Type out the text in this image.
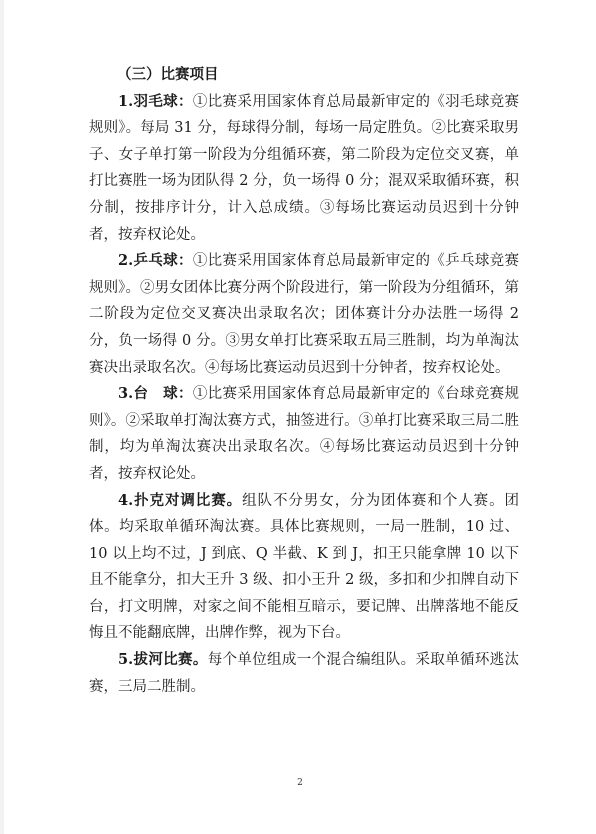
（三）比赛项目

1.羽毛球：①比赛采用国家体育总局最新审定的《羽毛球竞赛规则》。每局 31 分，每球得分制，每场一局定胜负。②比赛采取男子、女子单打第一阶段为分组循环赛，第二阶段为定位交叉赛，单打比赛胜一场为团队得 2 分，负一场得 0 分；混双采取循环赛，积分制，按排序计分，计入总成绩。③每场比赛运动员迟到十分钟者，按弃权论处。

2.乒乓球：①比赛采用国家体育总局最新审定的《乒乓球竞赛规则》。②男女团体比赛分两个阶段进行，第一阶段为分组循环，第二阶段为定位交叉赛决出录取名次；团体赛计分办法胜一场得 2 分，负一场得 0 分。③男女单打比赛采取五局三胜制，均为单淘汰赛决出录取名次。④每场比赛运动员迟到十分钟者，按弃权论处。

3.台　球：①比赛采用国家体育总局最新审定的《台球竞赛规则》。②采取单打淘汰赛方式，抽签进行。③单打比赛采取三局二胜制，均为单淘汰赛决出录取名次。④每场比赛运动员迟到十分钟者，按弃权论处。

4.扑克对调比赛。组队不分男女，分为团体赛和个人赛。团体。均采取单循环淘汰赛。具体比赛规则，一局一胜制，10 过、10 以上均不过，J 到底、Q 半截、K 到 J，扣王只能拿牌 10 以下且不能拿分，扣大王升 3 级、扣小王升 2 级，多扣和少扣牌自动下台，打文明牌，对家之间不能相互暗示，要记牌、出牌落地不能反悔且不能翻底牌，出牌作弊，视为下台。

5.拔河比赛。每个单位组成一个混合编组队。采取单循环逃汰赛，三局二胜制。

2
